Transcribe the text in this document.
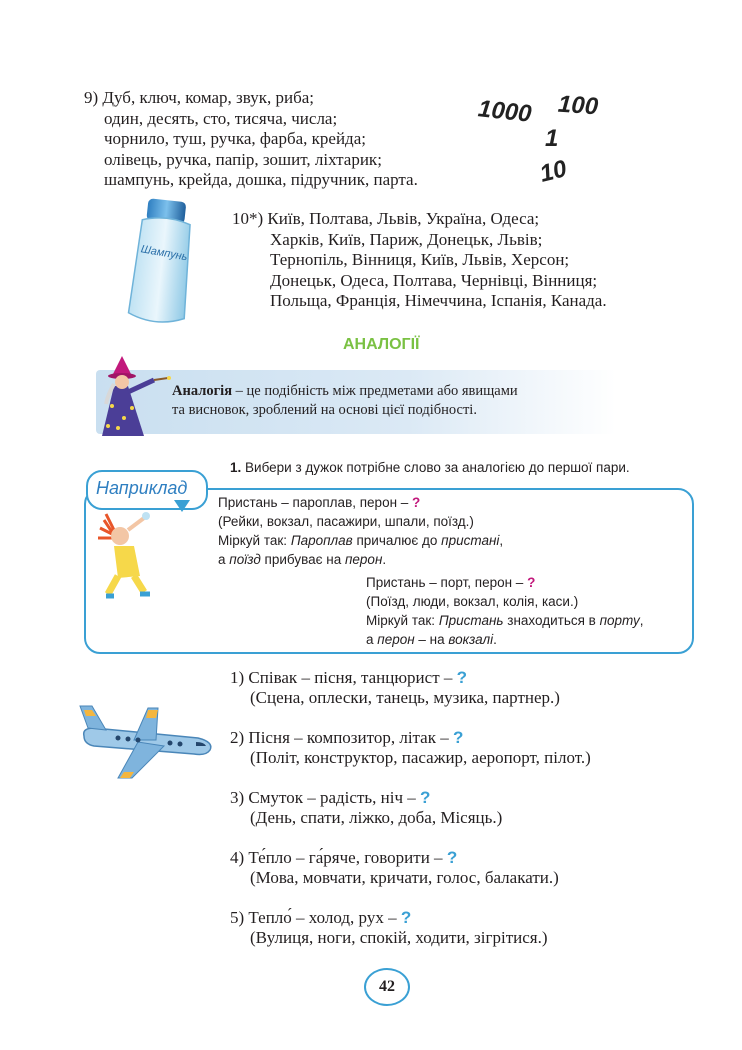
9) Дуб, ключ, комар, звук, риба;
один, десять, сто, тисяча, числа;
чорнило, туш, ручка, фарба, крейда;
олівець, ручка, папір, зошит, ліхтарик;
шампунь, крейда, дошка, підручник, парта.
1000 100
1
10
Шампунь
10*) Київ, Полтава, Львів, Україна, Одеса;
Харків, Київ, Париж, Донецьк, Львів;
Тернопіль, Вінниця, Київ, Львів, Херсон;
Донецьк, Одеса, Полтава, Чернівці, Вінниця;
Польща, Франція, Німеччина, Іспанія, Канада.
АНАЛОГІЇ
Аналогія – це подібність між предметами або явищами
та висновок, зроблений на основі цієї подібності.
1. Вибери з дужок потрібне слово за аналогією до першої пари.
Наприклад
Пристань – пароплав, перон – ?
(Рейки, вокзал, пасажири, шпали, поїзд.)
Міркуй так: Пароплав причалює до пристані,
а поїзд прибуває на перон.
Пристань – порт, перон – ?
(Поїзд, люди, вокзал, колія, каси.)
Міркуй так: Пристань знаходиться в порту,
а перон – на вокзалі.
1) Співак – пісня, танцюрист – ?
(Сцена, оплески, танець, музика, партнер.)
2) Пісня – композитор, літак – ?
(Політ, конструктор, пасажир, аеропорт, пілот.)
3) Смуток – радість, ніч – ?
(День, спати, ліжко, доба, Місяць.)
4) Те́пло – га́ряче, говорити – ?
(Мова, мовчати, кричати, голос, балакати.)
5) Тепло́ – холод, рух – ?
(Вулиця, ноги, спокій, ходити, зігрітися.)
42
